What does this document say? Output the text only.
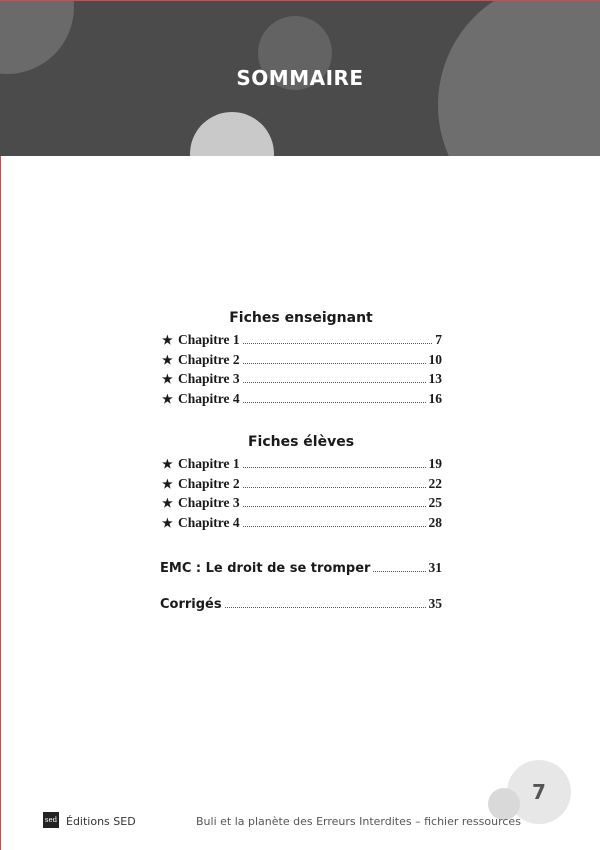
SOMMAIRE
Fiches enseignant
★ Chapitre 1	7
★ Chapitre 2	10
★ Chapitre 3	13
★ Chapitre 4	16
Fiches élèves
★ Chapitre 1	19
★ Chapitre 2	22
★ Chapitre 3	25
★ Chapitre 4	28
EMC : Le droit de se tromper	31
Corrigés	35
7
sed Éditions SED	Buli et la planète des Erreurs Interdites – fichier ressources
